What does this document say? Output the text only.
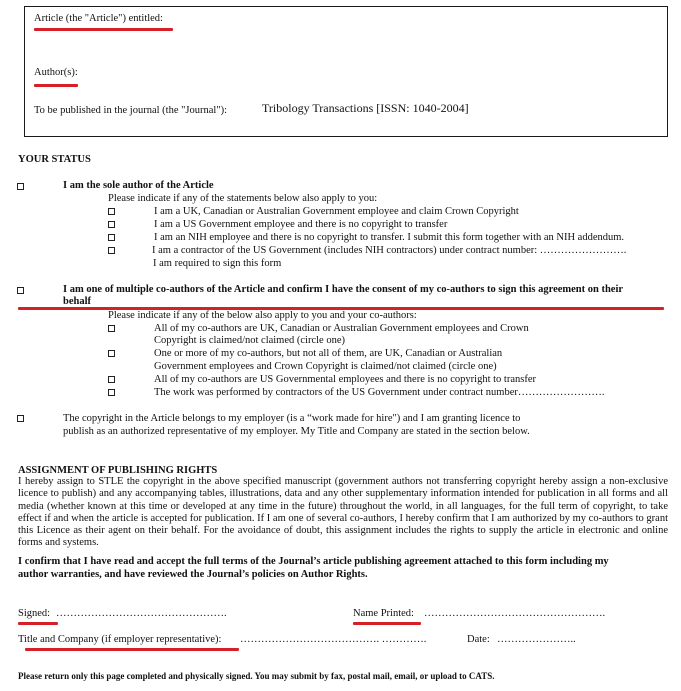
Article (the "Article") entitled:
Author(s):
To be published in the journal (the "Journal"):	Tribology Transactions [ISSN: 1040-2004]
YOUR STATUS
I am the sole author of the Article
Please indicate if any of the statements below also apply to you:
I am a UK, Canadian or Australian Government employee and claim Crown Copyright
I am a US Government employee and there is no copyright to transfer
I am an NIH employee and there is no copyright to transfer. I submit this form together with an NIH addendum.
I am a contractor of the US Government (includes NIH contractors) under contract number: …………………….
I am required to sign this form
I am one of multiple co-authors of the Article and confirm I have the consent of my co-authors to sign this agreement on their
behalf
Please indicate if any of the below also apply to you and your co-authors:
All of my co-authors are UK, Canadian or Australian Government employees and Crown
Copyright is claimed/not claimed (circle one)
One or more of my co-authors, but not all of them, are UK, Canadian or Australian
Government employees and Crown Copyright is claimed/not claimed (circle one)
All of my co-authors are US Governmental employees and there is no copyright to transfer
The work was performed by contractors of the US Government under contract number…………………….
The copyright in the Article belongs to my employer (is a “work made for hire") and I am granting licence to
publish as an authorized representative of my employer. My Title and Company are stated in the section below.
ASSIGNMENT OF PUBLISHING RIGHTS
I hereby assign to STLE the copyright in the above specified manuscript (government authors not transferring copyright hereby assign a non-exclusive licence to publish) and any accompanying tables, illustrations, data and any other supplementary information intended for publication in all forms and all media (whether known at this time or developed at any time in the future) throughout the world, in all languages, for the full term of copyright, to take effect if and when the article is accepted for publication. If I am one of several co-authors, I hereby confirm that I am authorized by my co-authors to grant this Licence as their agent on their behalf. For the avoidance of doubt, this assignment includes the rights to supply the article in electronic and online forms and systems.
I confirm that I have read and accept the full terms of the Journal’s article publishing agreement attached to this form including my
author warranties, and have reviewed the Journal’s policies on Author Rights.
Signed: ………………………………………….	Name Printed: …………………………………………….
Title and Company (if employer representative): …………………………………. ………….	Date: …………………..
Please return only this page completed and physically signed. You may submit by fax, postal mail, email, or upload to CATS.
